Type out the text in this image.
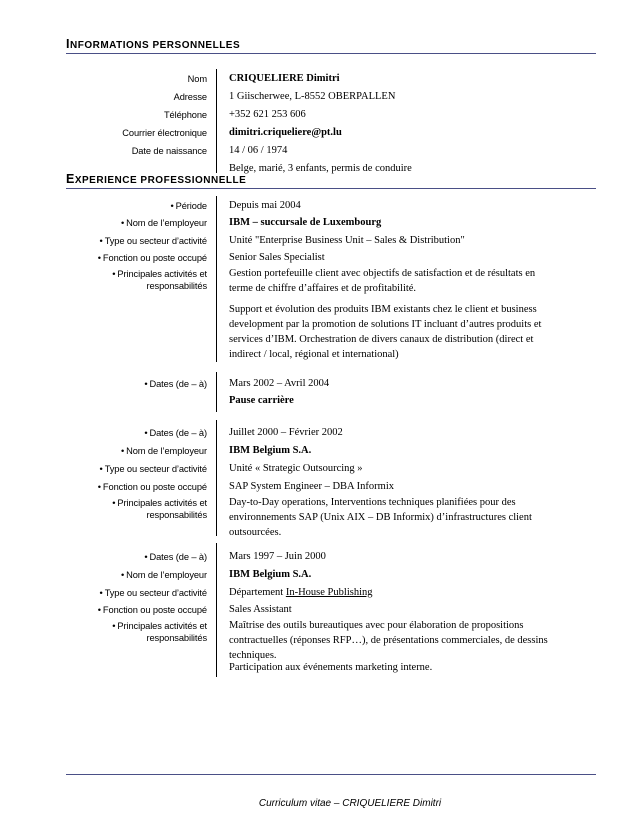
INFORMATIONS PERSONNELLES
Nom CRIQUELIERE Dimitri
Adresse 1 Giischerwee, L-8552 OBERPALLEN
Téléphone +352 621 253 606
Courrier électronique dimitri.criqueliere@pt.lu
Date de naissance 14 / 06 / 1974
Belge, marié, 3 enfants, permis de conduire
EXPERIENCE PROFESSIONNELLE
• Période Depuis mai 2004
• Nom de l’employeur IBM – succursale de Luxembourg
• Type ou secteur d’activité Unité "Enterprise Business Unit – Sales & Distribution"
• Fonction ou poste occupé Senior Sales Specialist
• Principales activités et
responsabilités
Gestion portefeuille client avec objectifs de satisfaction et de résultats en terme de chiffre d’affaires et de profitabilité.
Support et évolution des produits IBM existants chez le client et business development par la promotion de solutions IT incluant d’autres produits et services d’IBM. Orchestration de divers canaux de distribution (direct et indirect / local, régional et international)
• Dates (de – à) Mars 2002 – Avril 2004
Pause carrière
• Dates (de – à) Juillet 2000 – Février 2002
• Nom de l’employeur IBM Belgium S.A.
• Type ou secteur d’activité Unité « Strategic Outsourcing »
• Fonction ou poste occupé SAP System Engineer – DBA Informix
• Principales activités et
responsabilités
Day-to-Day operations, Interventions techniques planifiées pour des environnements SAP (Unix AIX – DB Informix) d’infrastructures client outsourcées.
• Dates (de – à) Mars 1997 – Juin 2000
• Nom de l’employeur IBM Belgium S.A.
• Type ou secteur d’activité Département In-House Publishing
• Fonction ou poste occupé Sales Assistant
• Principales activités et
responsabilités
Maîtrise des outils bureautiques avec pour élaboration de propositions contractuelles (réponses RFP…), de présentations commerciales, de dessins techniques.
Participation aux événements marketing interne.
Curriculum vitae – CRIQUELIERE Dimitri
